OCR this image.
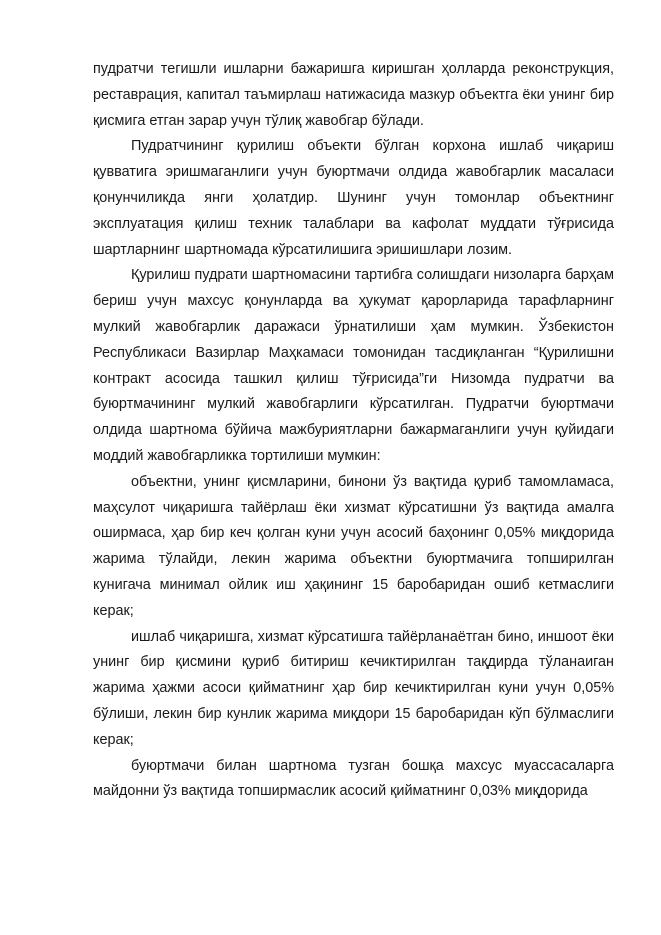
пудратчи тегишли ишларни бажаришга киришган ҳолларда реконструкция, реставрация, капитал таъмирлаш натижасида мазкур объектга ёки унинг бир қисмига етган зарар учун тўлиқ жавобгар бўлади.

Пудратчининг қурилиш объекти бўлган корхона ишлаб чиқариш қувватига эришмаганлиги учун буюртмачи олдида жавобгарлик масаласи қонунчиликда янги ҳолатдир. Шунинг учун томонлар объектнинг эксплуатация қилиш техник талаблари ва кафолат муддати тўғрисида шартларнинг шартномада кўрсатилишига эришишлари лозим.

Қурилиш пудрати шартномасини тартибга солишдаги низоларга барҳам бериш учун махсус қонунларда ва ҳукумат қарорларида тарафларнинг мулкий жавобгарлик даражаси ўрнатилиши ҳам мумкин. Ўзбекистон Республикаси Вазирлар Маҳкамаси томонидан тасдиқланган “Қурилишни контракт асосида ташкил қилиш тўғрисида”ги Низомда пудратчи ва буюртмачининг мулкий жавобгарлиги кўрсатилган. Пудратчи буюртмачи олдида шартнома бўйича мажбуриятларни бажармаганлиги учун қуйидаги моддий жавобгарликка тортилиши мумкин:

объектни, унинг қисмларини, бинони ўз вақтида қуриб тамомламаса, маҳсулот чиқаришга тайёрлаш ёки хизмат кўрсатишни ўз вақтида амалга оширмаса, ҳар бир кеч қолган куни учун асосий баҳонинг 0,05% миқдорида жарима тўлайди, лекин жарима объектни буюртмачига топширилган кунигача минимал ойлик иш ҳақининг 15 баробаридан ошиб кетмаслиги керак;

ишлаб чиқаришга, хизмат кўрсатишга тайёрланаётган бино, иншоот ёки унинг бир қисмини қуриб битириш кечиктирилган тақдирда тўланаиган жарима ҳажми асоси қийматнинг ҳар бир кечиктирилган куни учун 0,05% бўлиши, лекин бир кунлик жарима миқдори 15 баробаридан кўп бўлмаслиги керак;

буюртмачи билан шартнома тузган бошқа махсус муассасаларга майдонни ўз вақтида топширмаслик асосий қийматнинг 0,03% миқдорида
